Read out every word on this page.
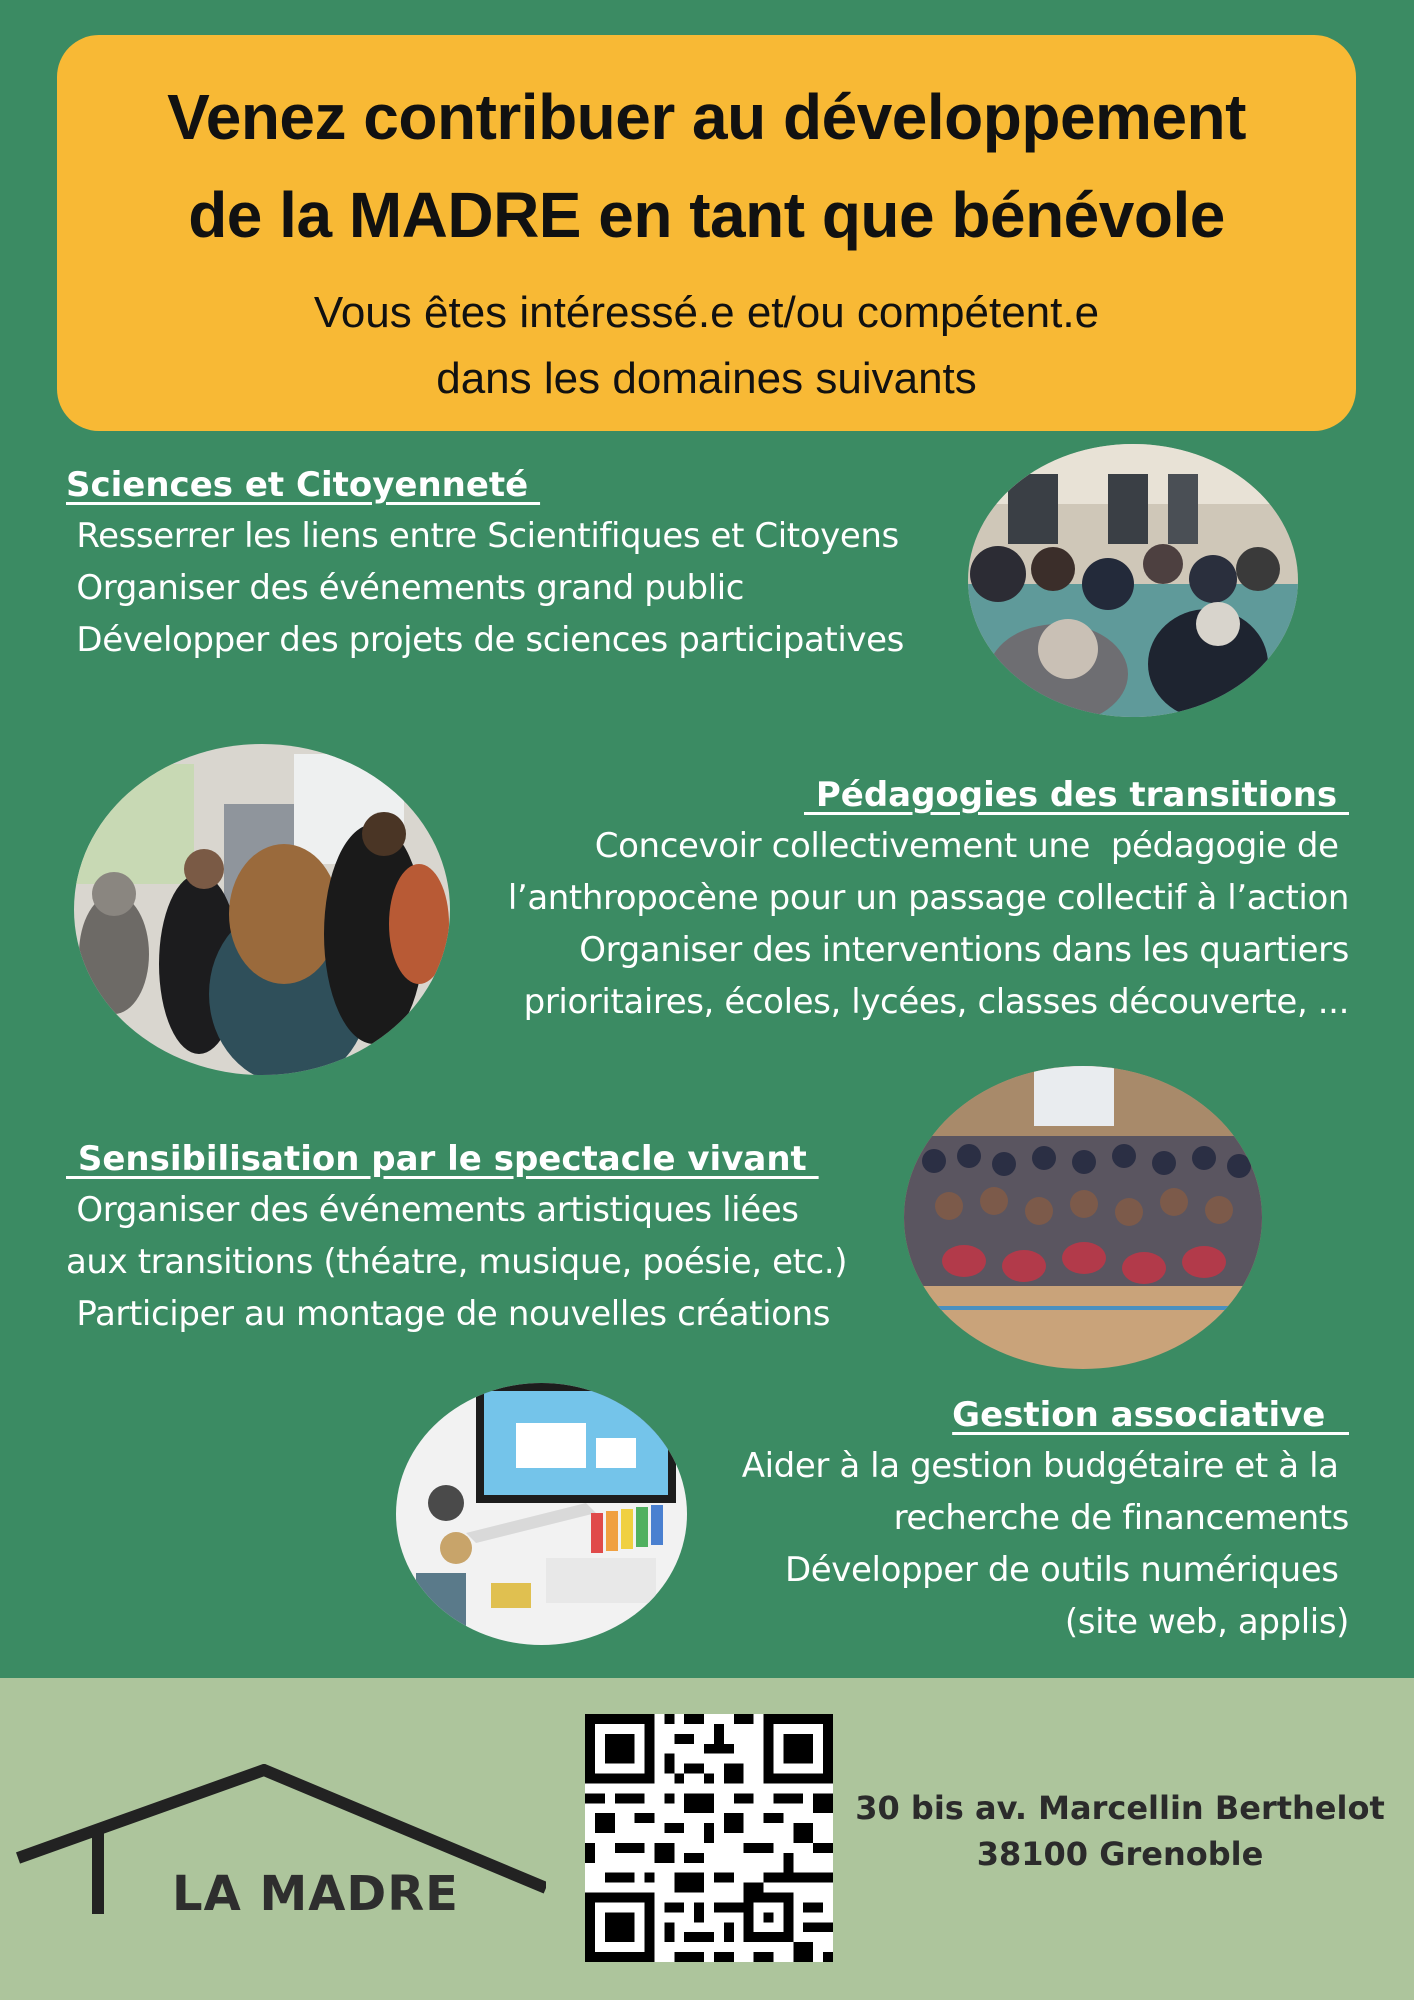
Venez contribuer au développement
de la MADRE en tant que bénévole

Vous êtes intéressé.e et/ou compétent.e
dans les domaines suivants

Sciences et Citoyenneté

Resserrer les liens entre Scientifiques et Citoyens

Organiser des événements grand public

Développer des projets de sciences participatives

Pédagogies des transitions

Concevoir collectivement une  pédagogie de

l’anthropocène pour un passage collectif à l’action

Organiser des interventions dans les quartiers

prioritaires, écoles, lycées, classes découverte, ...

Sensibilisation par le spectacle vivant

Organiser des événements artistiques liées

aux transitions (théatre, musique, poésie, etc.)

Participer au montage de nouvelles créations

Gestion associative

Aider à la gestion budgétaire et à la

recherche de financements

Développer de outils numériques

(site web, applis)

LA MADRE
30 bis av. Marcellin Berthelot
38100 Grenoble
